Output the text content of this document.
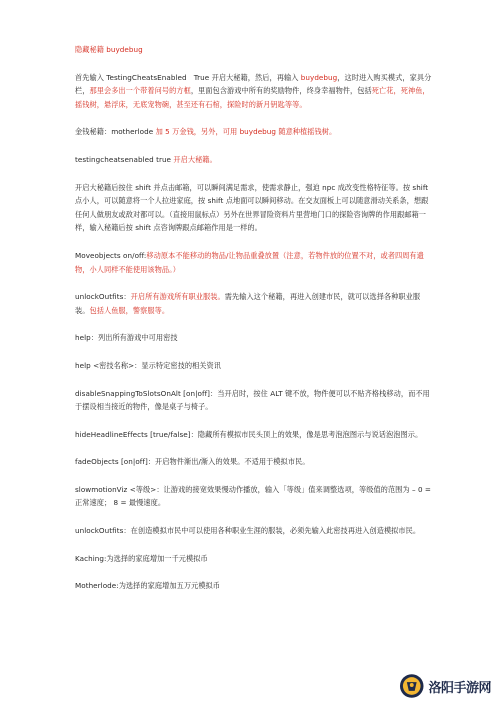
隐藏秘籍 buydebug
首先输入 TestingCheatsEnabled　True 开启大秘籍，然后，再输入 buydebug，这时进入购买模式，家具分栏，那里会多出一个带着问号的方框，里面包含游戏中所有的奖励物件，终身幸福物件，包括死亡花，死神鱼，摇钱树，悬浮床，无底宠物碗，甚至还有石棺，探险时的新月钥匙等等。
金钱秘籍：motherlode 加 5 万金钱，另外，可用 buydebug 随意种植摇钱树。
testingcheatsenabled true 开启大秘籍。
开启大秘籍后按住 shift 并点击邮箱，可以瞬间满足需求，使需求静止，强迫 npc 成改变性格特征等。按 shift 点小人，可以随意将一个人拉进家庭，按 shift 点地面可以瞬间移动。在交友面板上可以随意滑动关系条，想跟任何人做朋友或敌对都可以。（直接用鼠标点）另外在世界冒险资料片里营地门口的探险咨询牌的作用跟邮箱一样，输入秘籍后按 shift 点咨询牌跟点邮箱作用是一样的。
Moveobjects on/off:移动原本不能移动的物品/让物品重叠放置（注意，若物件放的位置不对，或者四周有遗物，小人同样不能使用该物品。）
unlockOutfits：开启所有游戏所有职业服装。需先输入这个秘籍，再进入创建市民，就可以选择各种职业服装。包括人鱼服，警察服等。
help：列出所有游戏中可用密技
help <密技名称>：显示特定密技的相关资讯
disableSnappingToSlotsOnAlt [on|off]：当开启时，按住 ALT 键不放，物件便可以不贴齐格栈移动，而不用于摆设相当接近的物件，像是桌子与椅子。
hideHeadlineEffects [true/false]：隐藏所有模拟市民头顶上的效果，像是思考泡泡图示与说话泡泡图示。
fadeObjects [on|off]：开启物件渐出/渐入的效果。不适用于模拟市民。
slowmotionViz <等级>：让游戏的接宽效果慢动作播放，输入「等级」值来调整选项，等级值的范围为 – 0 = 正常速度； 8 = 最慢速度。
unlockOutfits：在创造模拟市民中可以使用各种职业生涯的服装，必须先输入此密技再进入创造模拟市民。
Kaching:为选择的家庭增加一千元模拟币
Motherlode:为选择的家庭增加五万元模拟币
洛阳手游网
